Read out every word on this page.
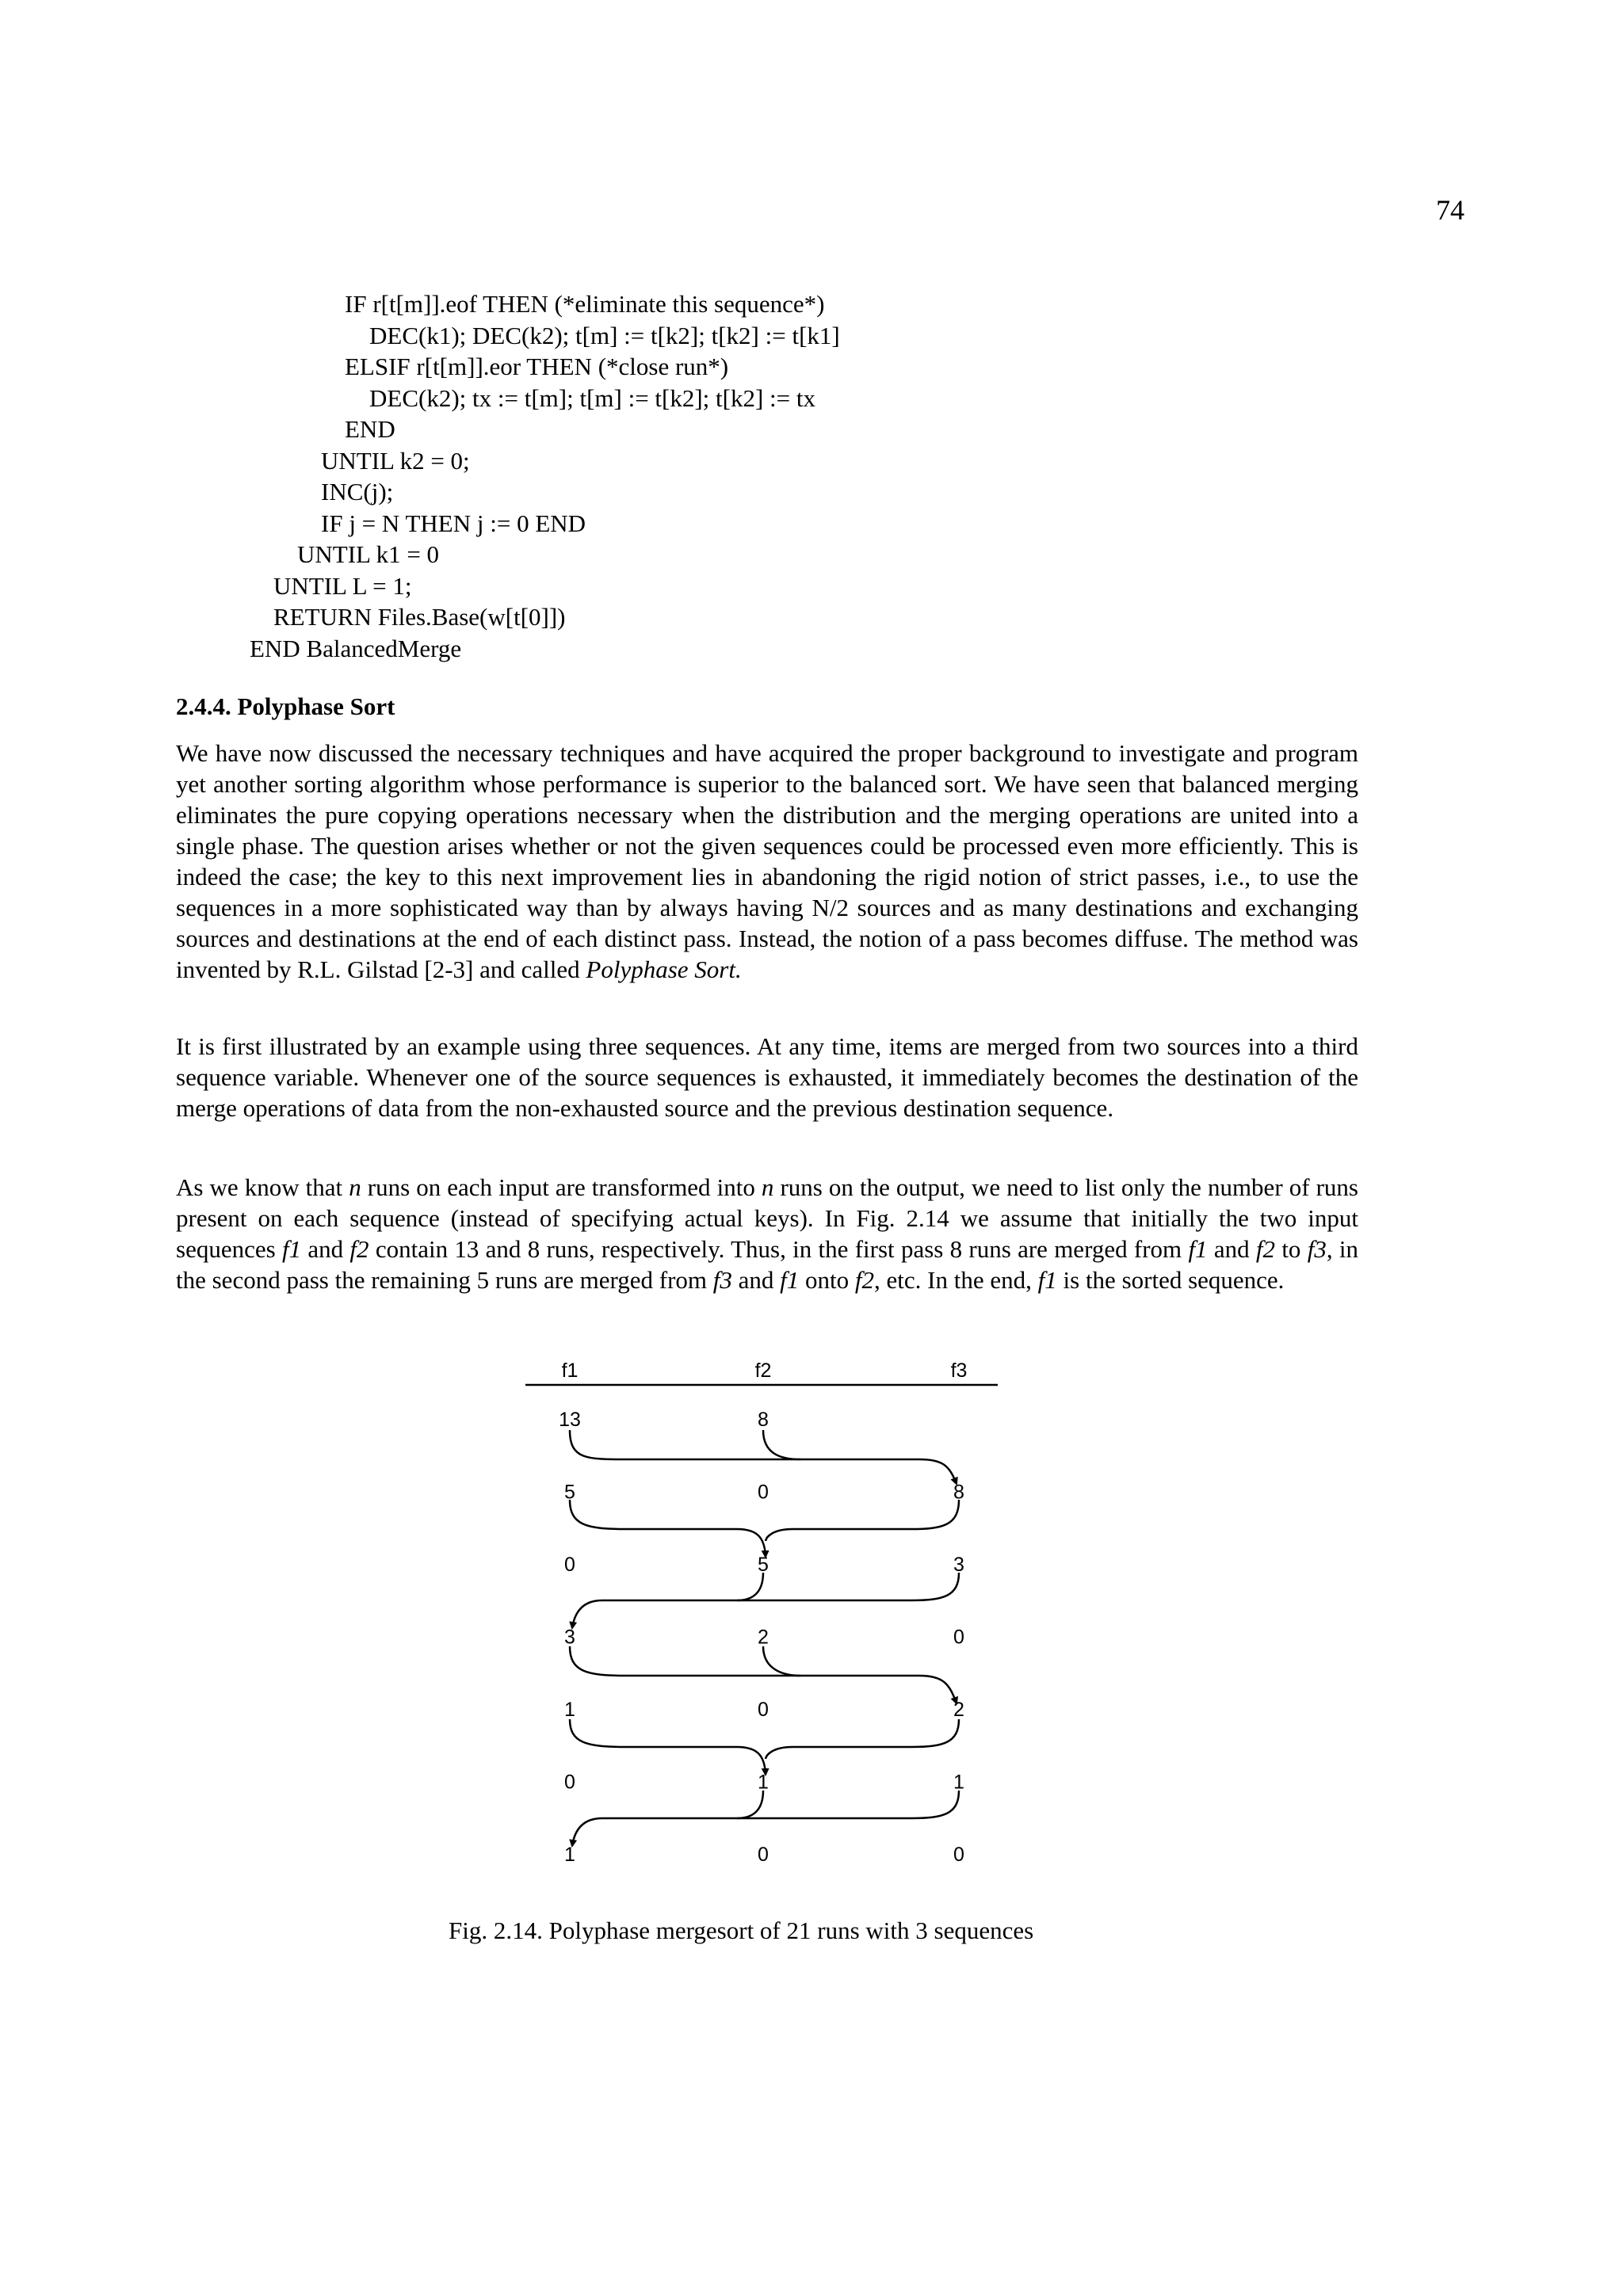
74
IF r[t[m]].eof THEN (*eliminate this sequence*)
DEC(k1); DEC(k2); t[m] := t[k2]; t[k2] := t[k1]
ELSIF r[t[m]].eor THEN (*close run*)
DEC(k2); tx := t[m]; t[m] := t[k2]; t[k2] := tx
END
UNTIL k2 = 0;
INC(j);
IF j = N THEN j := 0 END
UNTIL k1 = 0
UNTIL L = 1;
RETURN Files.Base(w[t[0]])
END BalancedMerge
2.4.4. Polyphase Sort
We have now discussed the necessary techniques and have acquired the proper background to investigate and program yet another sorting algorithm whose performance is superior to the balanced sort. We have seen that balanced merging eliminates the pure copying operations necessary when the distribution and the merging operations are united into a single phase. The question arises whether or not the given sequences could be processed even more efficiently. This is indeed the case; the key to this next improvement lies in abandoning the rigid notion of strict passes, i.e., to use the sequences in a more sophisticated way than by always having N/2 sources and as many destinations and exchanging sources and destinations at the end of each distinct pass. Instead, the notion of a pass becomes diffuse. The method was invented by R.L. Gilstad [2-3] and called Polyphase Sort.
It is first illustrated by an example using three sequences. At any time, items are merged from two sources into a third sequence variable. Whenever one of the source sequences is exhausted, it immediately becomes the destination of the merge operations of data from the non-exhausted source and the previous destination sequence.
As we know that n runs on each input are transformed into n runs on the output, we need to list only the number of runs present on each sequence (instead of specifying actual keys). In Fig. 2.14 we assume that initially the two input sequences f1 and f2 contain 13 and 8 runs, respectively. Thus, in the first pass 8 runs are merged from f1 and f2 to f3, in the second pass the remaining 5 runs are merged from f3 and f1 onto f2, etc. In the end, f1 is the sorted sequence.
f1	f2	f3
13	8
5	0	8
0	5	3
3	2	0
1	0	2
0	1	1
1	0	0
Fig. 2.14. Polyphase mergesort of 21 runs with 3 sequences
